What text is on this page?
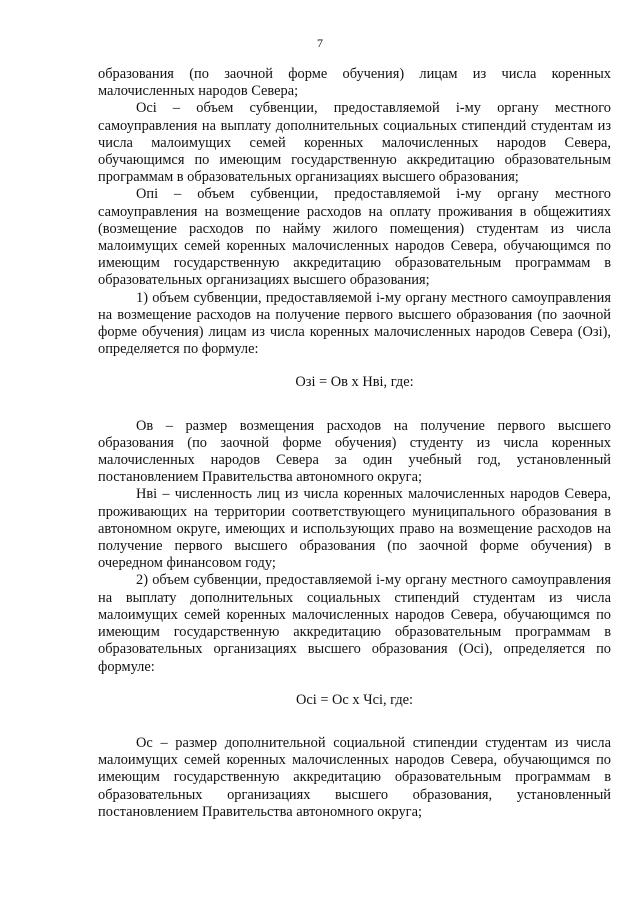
7

образования (по заочной форме обучения) лицам из числа коренных малочисленных народов Севера;

Осi – объем субвенции, предоставляемой i-му органу местного самоуправления на выплату дополнительных социальных стипендий студентам из числа малоимущих семей коренных малочисленных народов Севера, обучающимся по имеющим государственную аккредитацию образовательным программам в образовательных организациях высшего образования;

Опi – объем субвенции, предоставляемой i-му органу местного самоуправления на возмещение расходов на оплату проживания в общежитиях (возмещение расходов по найму жилого помещения) студентам из числа малоимущих семей коренных малочисленных народов Севера, обучающимся по имеющим государственную аккредитацию образовательным программам в образовательных организациях высшего образования;

1) объем субвенции, предоставляемой i-му органу местного самоуправления на возмещение расходов на получение первого высшего образования (по заочной форме обучения) лицам из числа коренных малочисленных народов Севера (Озi), определяется по формуле:

Озi = Ов х Нвi, где:

Ов – размер возмещения расходов на получение первого высшего образования (по заочной форме обучения) студенту из числа коренных малочисленных народов Севера за один учебный год, установленный постановлением Правительства автономного округа;

Нвi – численность лиц из числа коренных малочисленных народов Севера, проживающих на территории соответствующего муниципального образования в автономном округе, имеющих и использующих право на возмещение расходов на получение первого высшего образования (по заочной форме обучения) в очередном финансовом году;

2) объем субвенции, предоставляемой i-му органу местного самоуправления на выплату дополнительных социальных стипендий студентам из числа малоимущих семей коренных малочисленных народов Севера, обучающимся по имеющим государственную аккредитацию образовательным программам в образовательных организациях высшего образования (Осi), определяется по формуле:

Осi = Ос х Чсi, где:

Ос – размер дополнительной социальной стипендии студентам из числа малоимущих семей коренных малочисленных народов Севера, обучающимся по имеющим государственную аккредитацию образовательным программам в образовательных организациях высшего образования, установленный постановлением Правительства автономного округа;
